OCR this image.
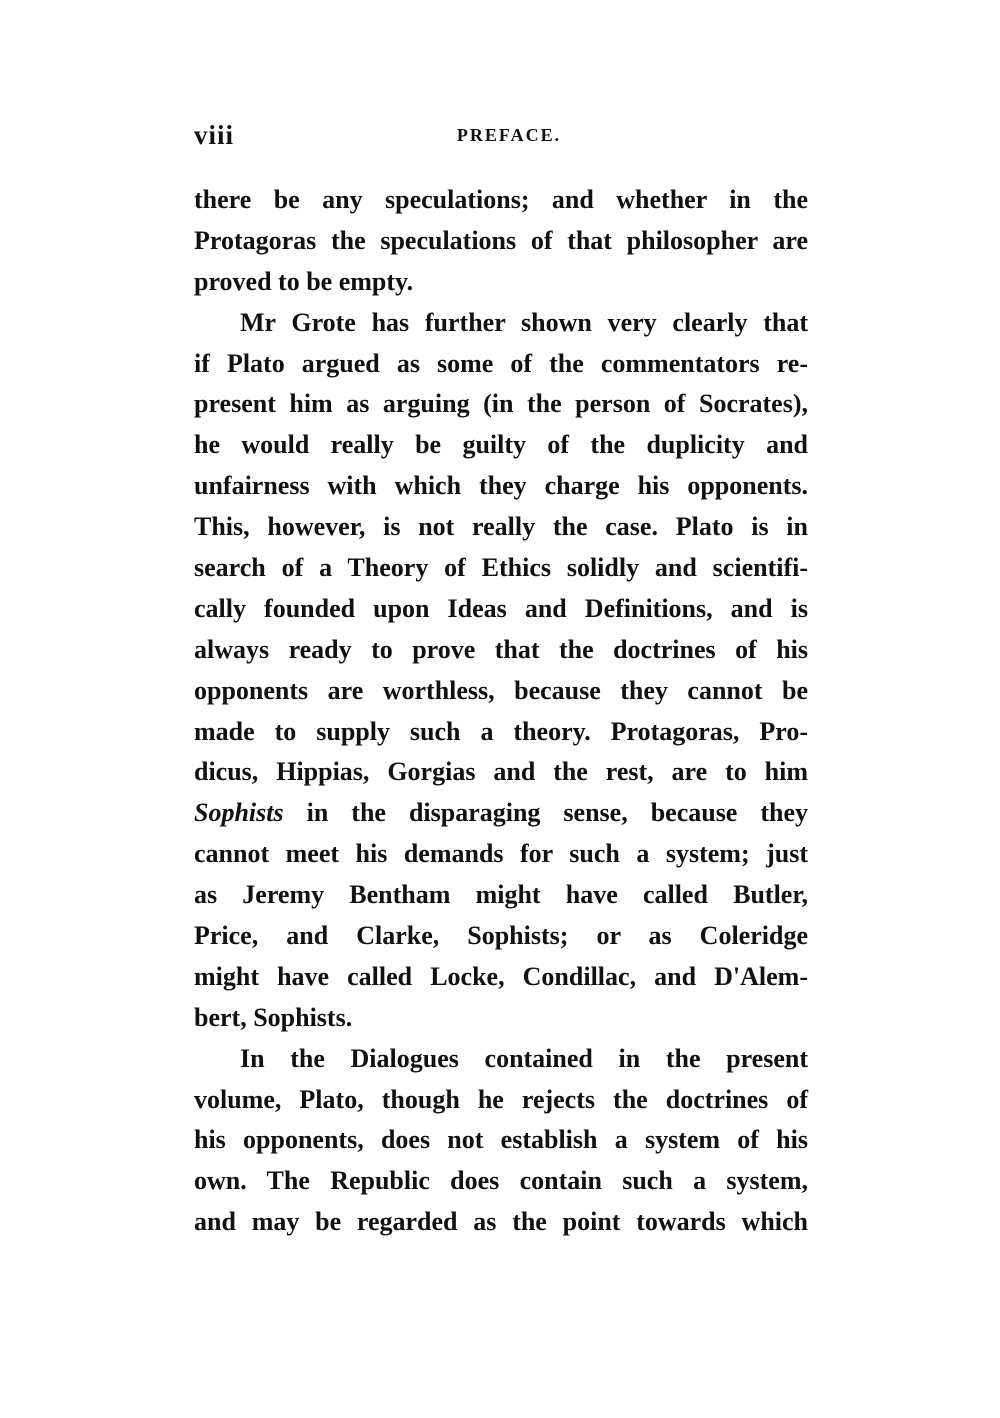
viii	PREFACE.
there be any speculations; and whether in the
Protagoras the speculations of that philosopher are
proved to be empty.
Mr Grote has further shown very clearly that
if Plato argued as some of the commentators re-
present him as arguing (in the person of Socrates),
he would really be guilty of the duplicity and
unfairness with which they charge his opponents.
This, however, is not really the case. Plato is in
search of a Theory of Ethics solidly and scientifi-
cally founded upon Ideas and Definitions, and is
always ready to prove that the doctrines of his
opponents are worthless, because they cannot be
made to supply such a theory. Protagoras, Pro-
dicus, Hippias, Gorgias and the rest, are to him
Sophists in the disparaging sense, because they
cannot meet his demands for such a system; just
as Jeremy Bentham might have called Butler,
Price, and Clarke, Sophists; or as Coleridge
might have called Locke, Condillac, and D'Alem-
bert, Sophists.
In the Dialogues contained in the present
volume, Plato, though he rejects the doctrines of
his opponents, does not establish a system of his
own. The Republic does contain such a system,
and may be regarded as the point towards which
